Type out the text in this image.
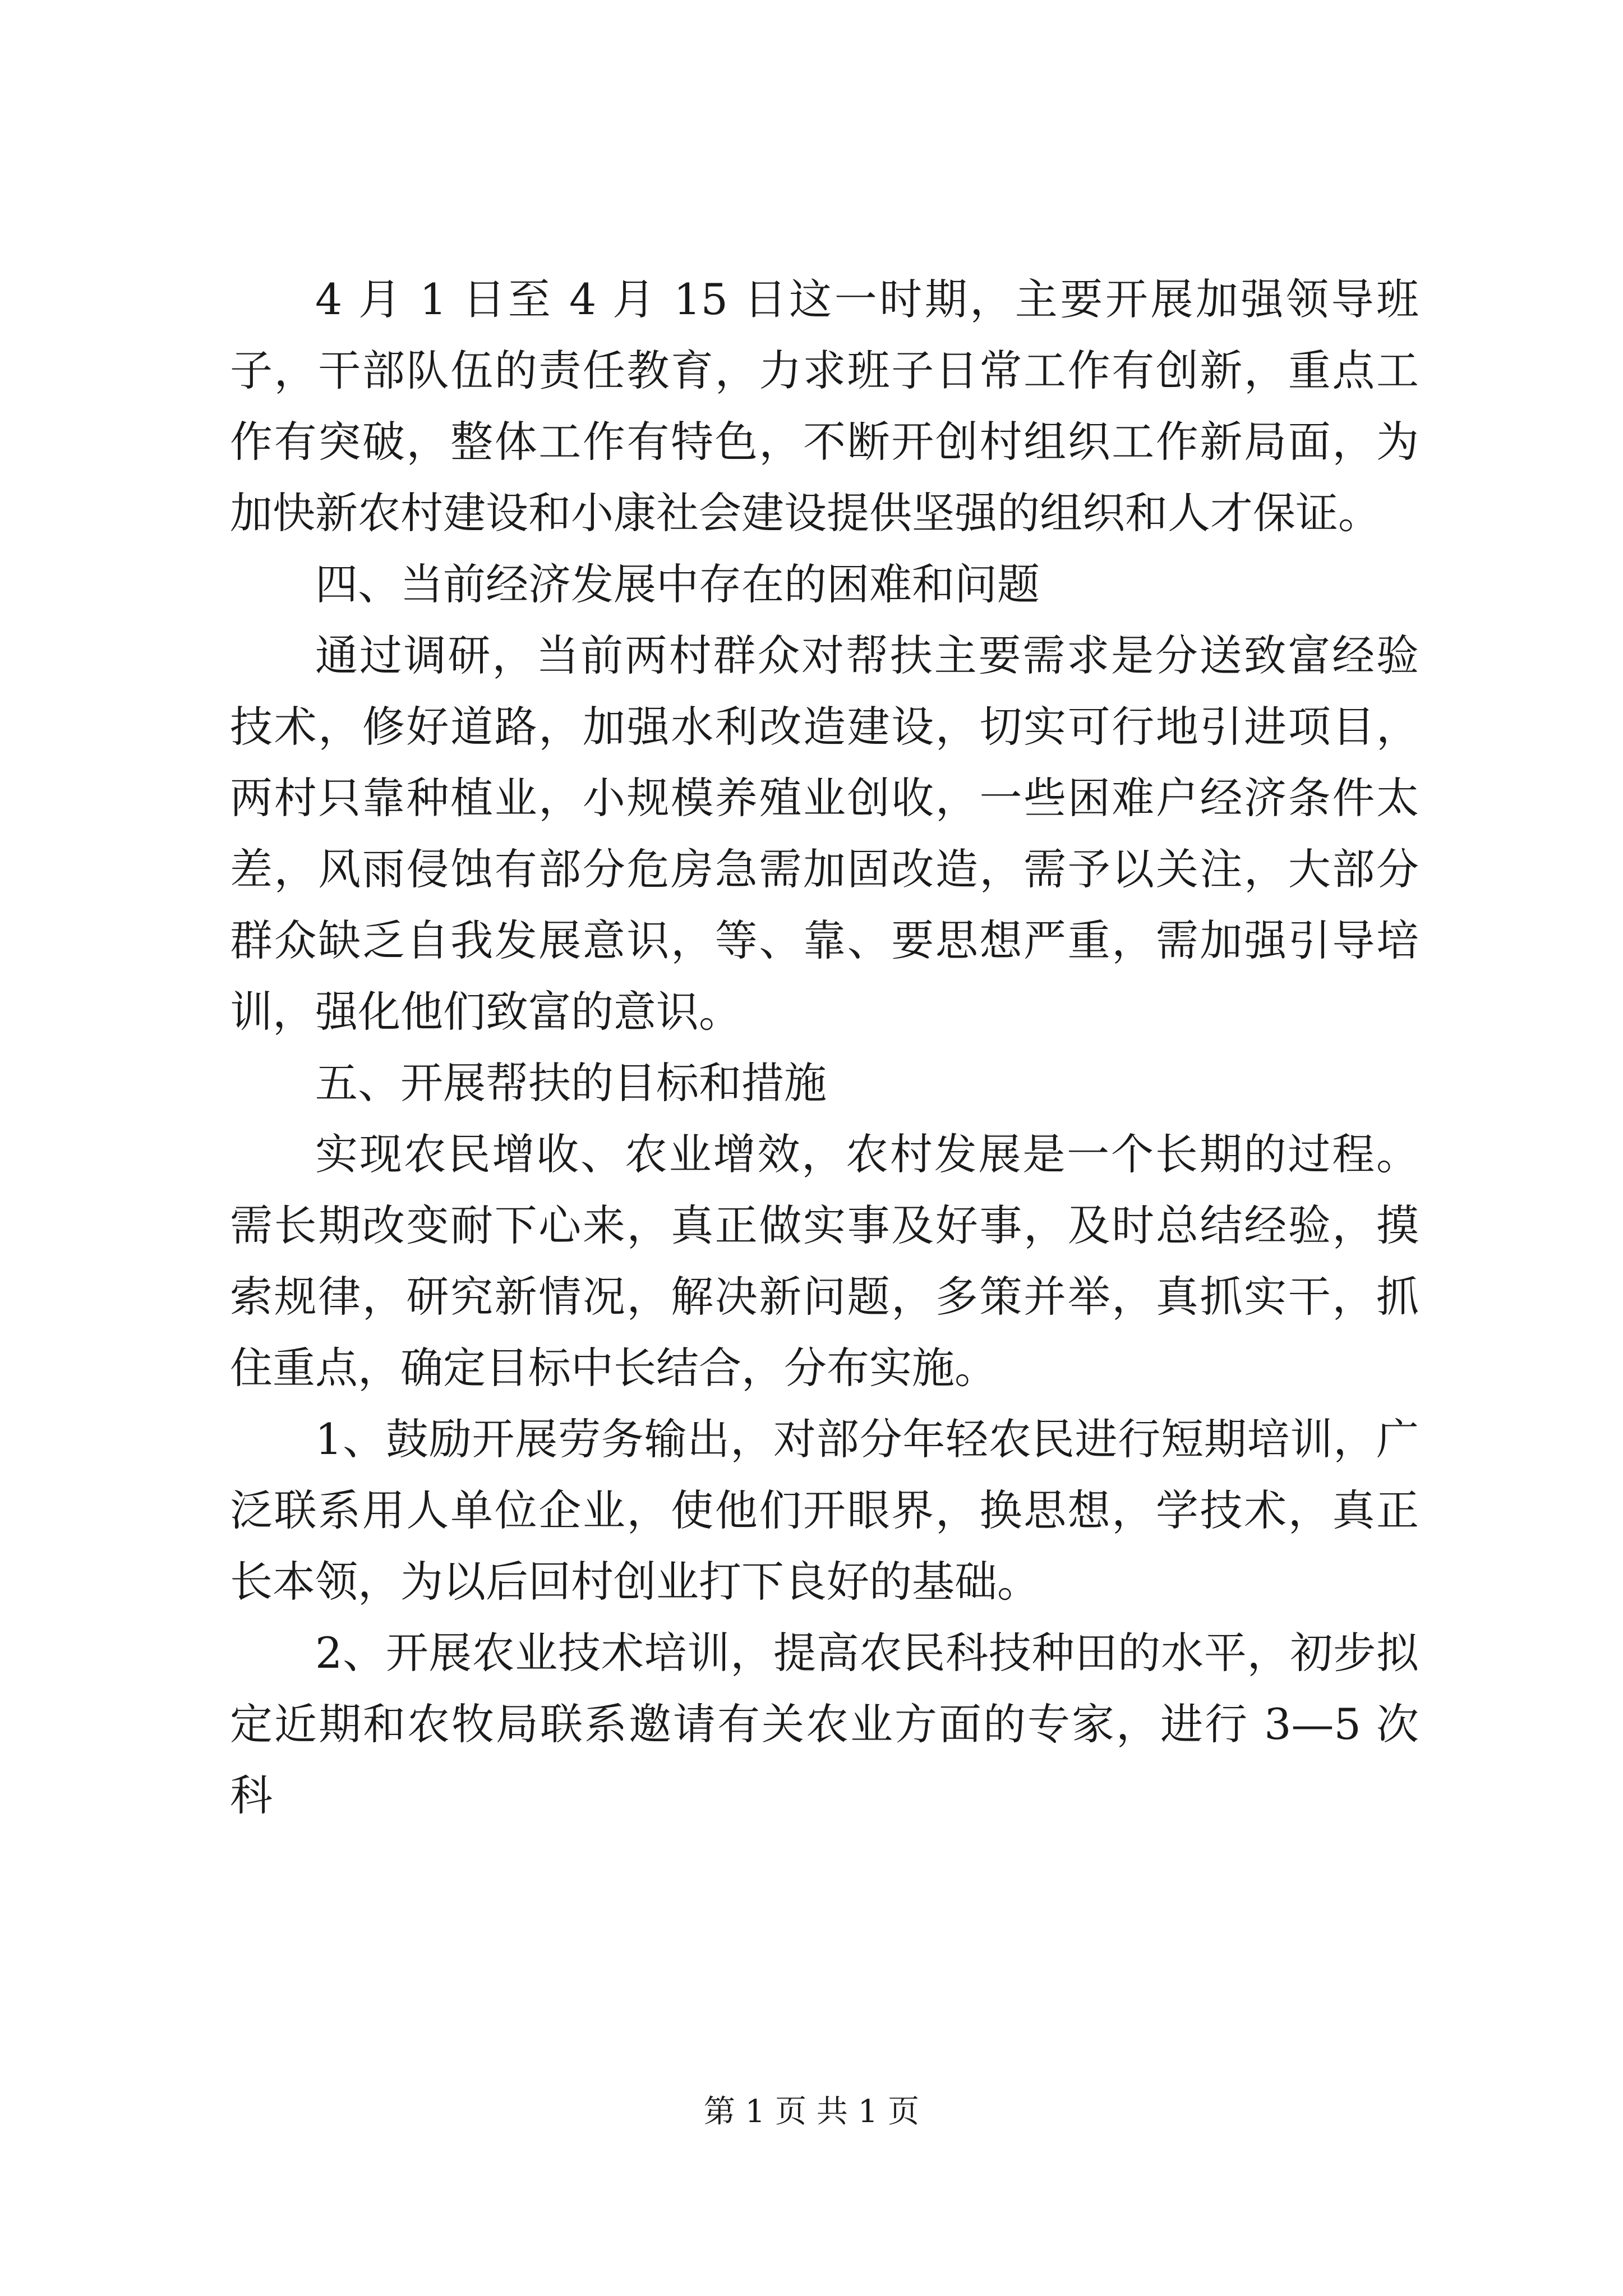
4 月 1 日至 4 月 15 日这一时期，主要开展加强领导班子，干部队伍的责任教育，力求班子日常工作有创新，重点工作有突破，整体工作有特色，不断开创村组织工作新局面，为加快新农村建设和小康社会建设提供坚强的组织和人才保证。

四、当前经济发展中存在的困难和问题

通过调研，当前两村群众对帮扶主要需求是分送致富经验技术，修好道路，加强水利改造建设，切实可行地引进项目，两村只靠种植业，小规模养殖业创收，一些困难户经济条件太差，风雨侵蚀有部分危房急需加固改造，需予以关注，大部分群众缺乏自我发展意识，等、靠、要思想严重，需加强引导培训，强化他们致富的意识。

五、开展帮扶的目标和措施

实现农民增收、农业增效，农村发展是一个长期的过程。需长期改变耐下心来，真正做实事及好事，及时总结经验，摸索规律，研究新情况，解决新问题，多策并举，真抓实干，抓住重点，确定目标中长结合，分布实施。

1、鼓励开展劳务输出，对部分年轻农民进行短期培训，广泛联系用人单位企业，使他们开眼界，换思想，学技术，真正长本领，为以后回村创业打下良好的基础。

2、开展农业技术培训，提高农民科技种田的水平，初步拟定近期和农牧局联系邀请有关农业方面的专家，进行 3—5 次科

第 1 页 共 1 页
